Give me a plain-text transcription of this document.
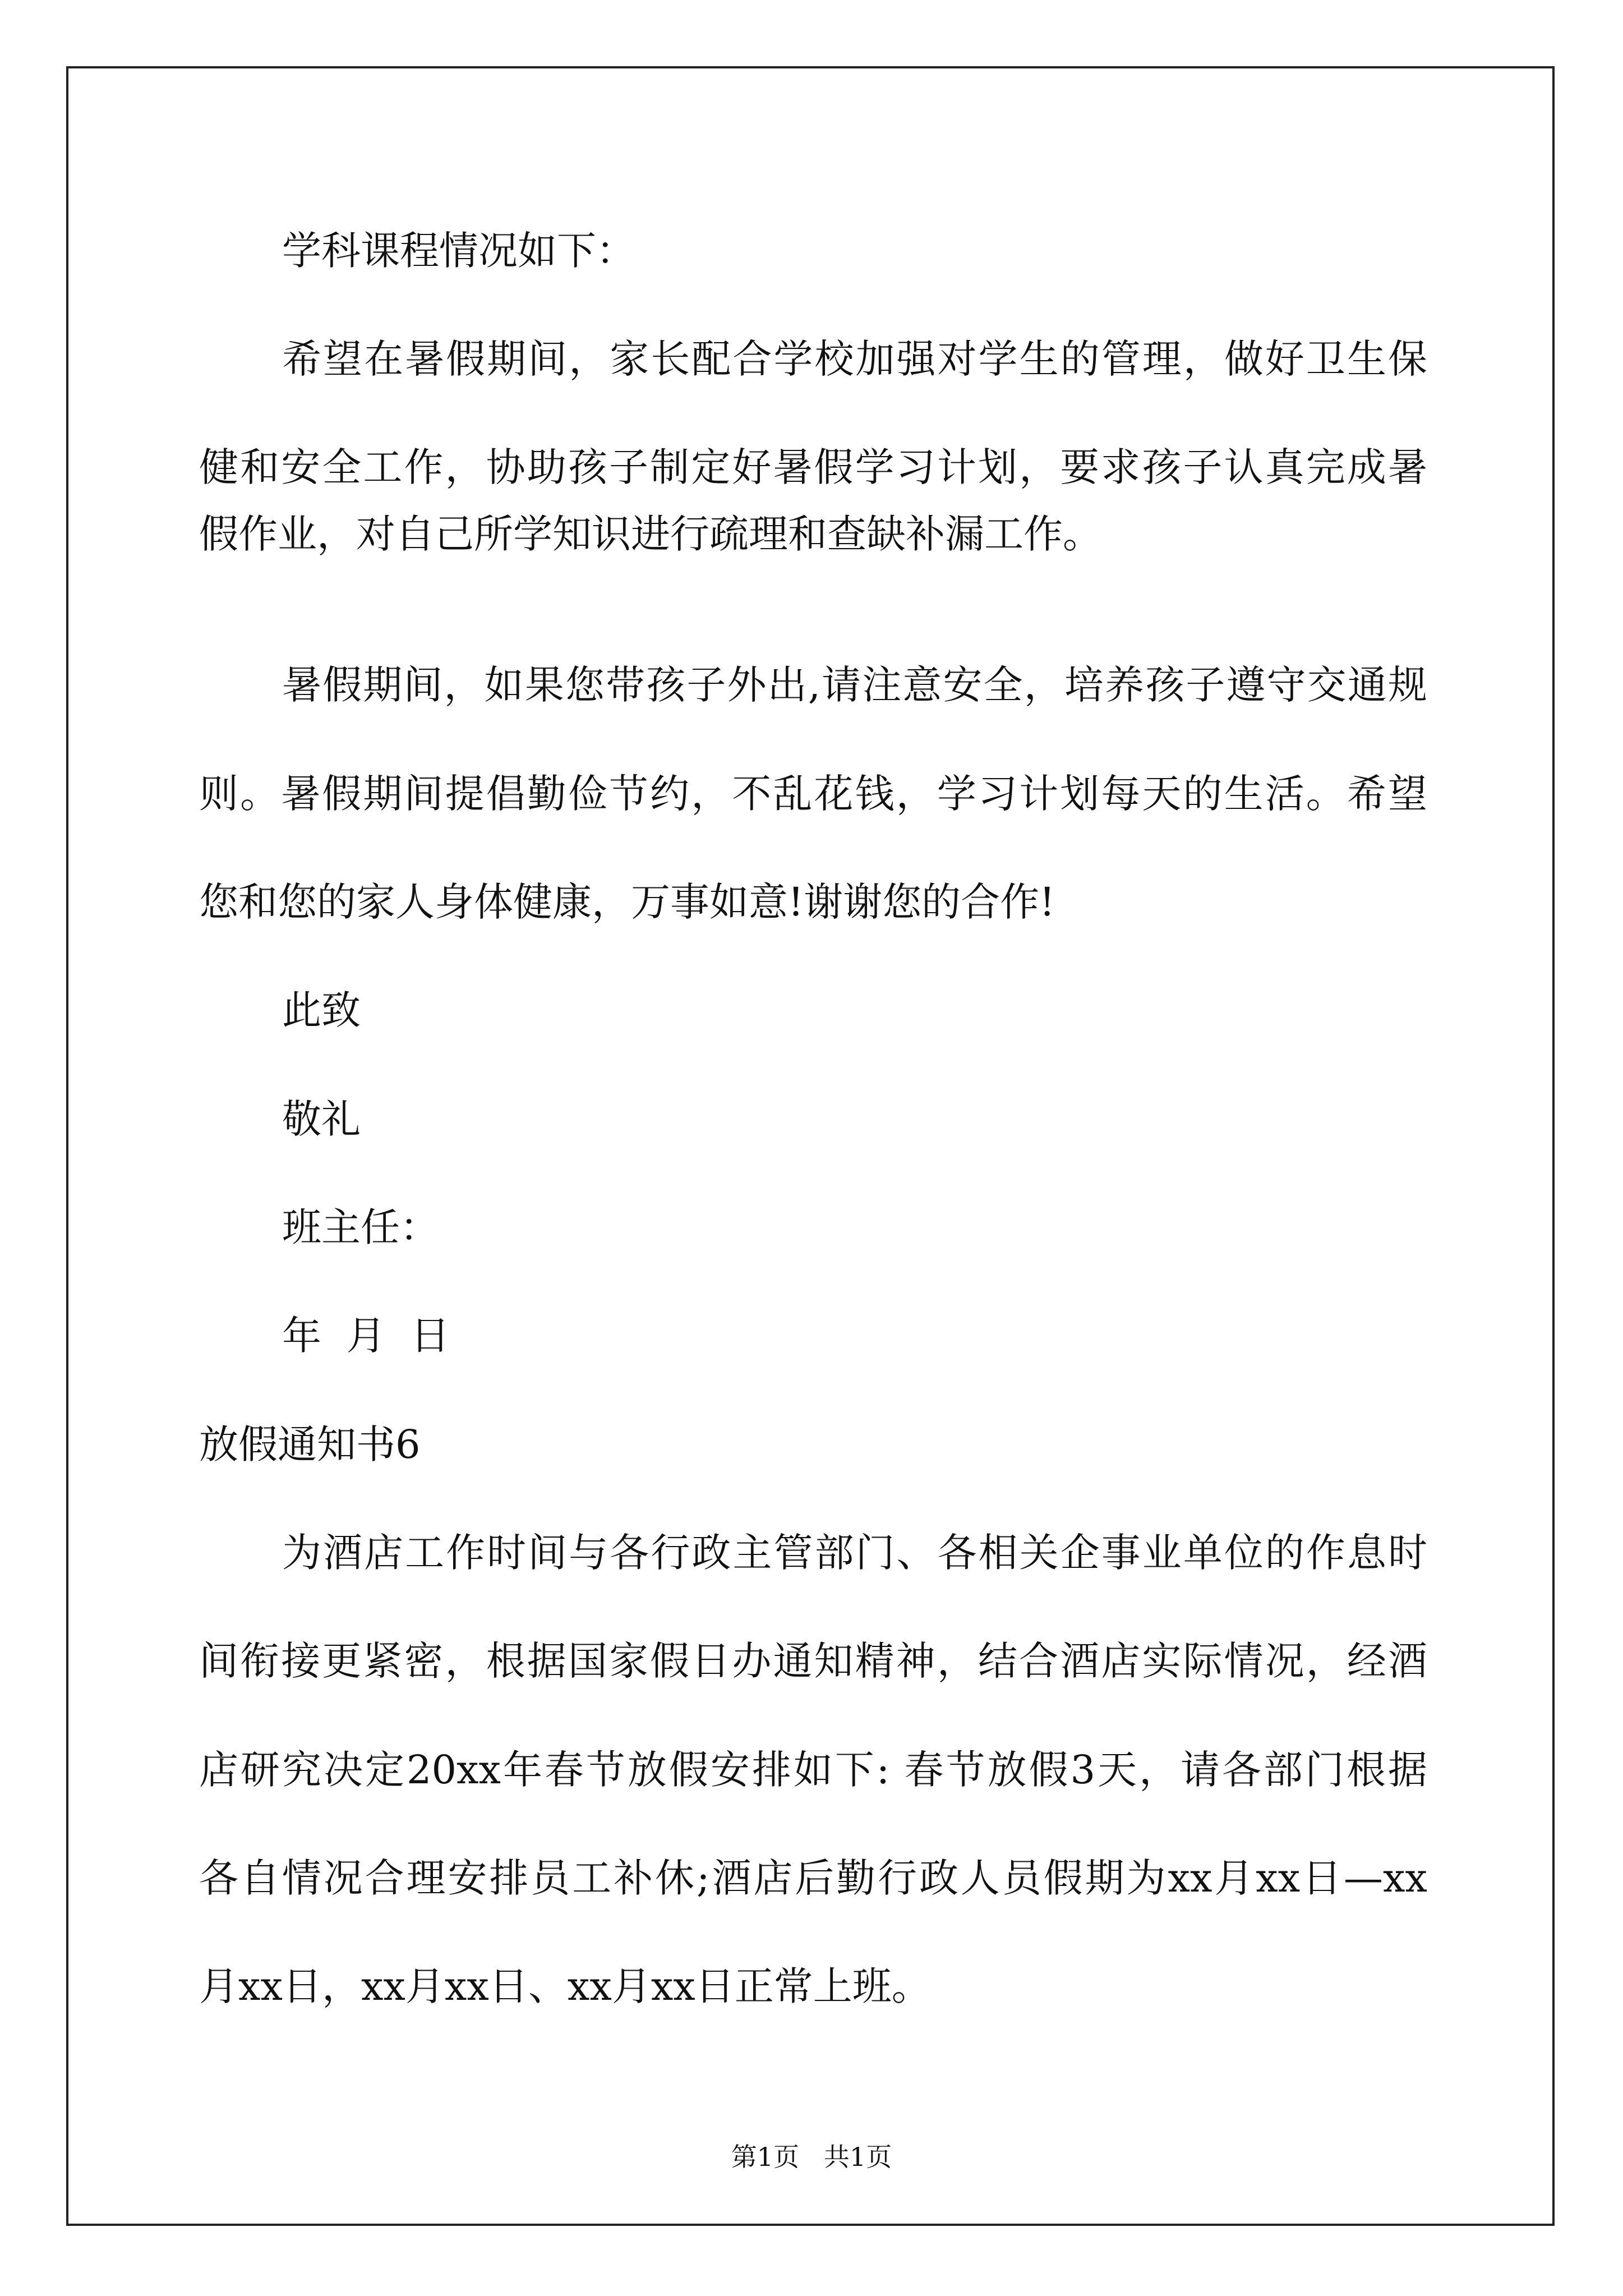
学科课程情况如下：
希望在暑假期间，家长配合学校加强对学生的管理，做好卫生保
健和安全工作，协助孩子制定好暑假学习计划，要求孩子认真完成暑
假作业，对自己所学知识进行疏理和查缺补漏工作。
暑假期间，如果您带孩子外出,请注意安全，培养孩子遵守交通规
则。暑假期间提倡勤俭节约，不乱花钱，学习计划每天的生活。希望
您和您的家人身体健康，万事如意!谢谢您的合作!
此致
敬礼
班主任：
年  月  日
放假通知书6
为酒店工作时间与各行政主管部门、各相关企事业单位的作息时
间衔接更紧密，根据国家假日办通知精神，结合酒店实际情况，经酒
店研究决定20xx年春节放假安排如下: 春节放假3天，请各部门根据
各自情况合理安排员工补休;酒店后勤行政人员假期为xx月xx日—xx
月xx日，xx月xx日、xx月xx日正常上班。
第1页   共1页
